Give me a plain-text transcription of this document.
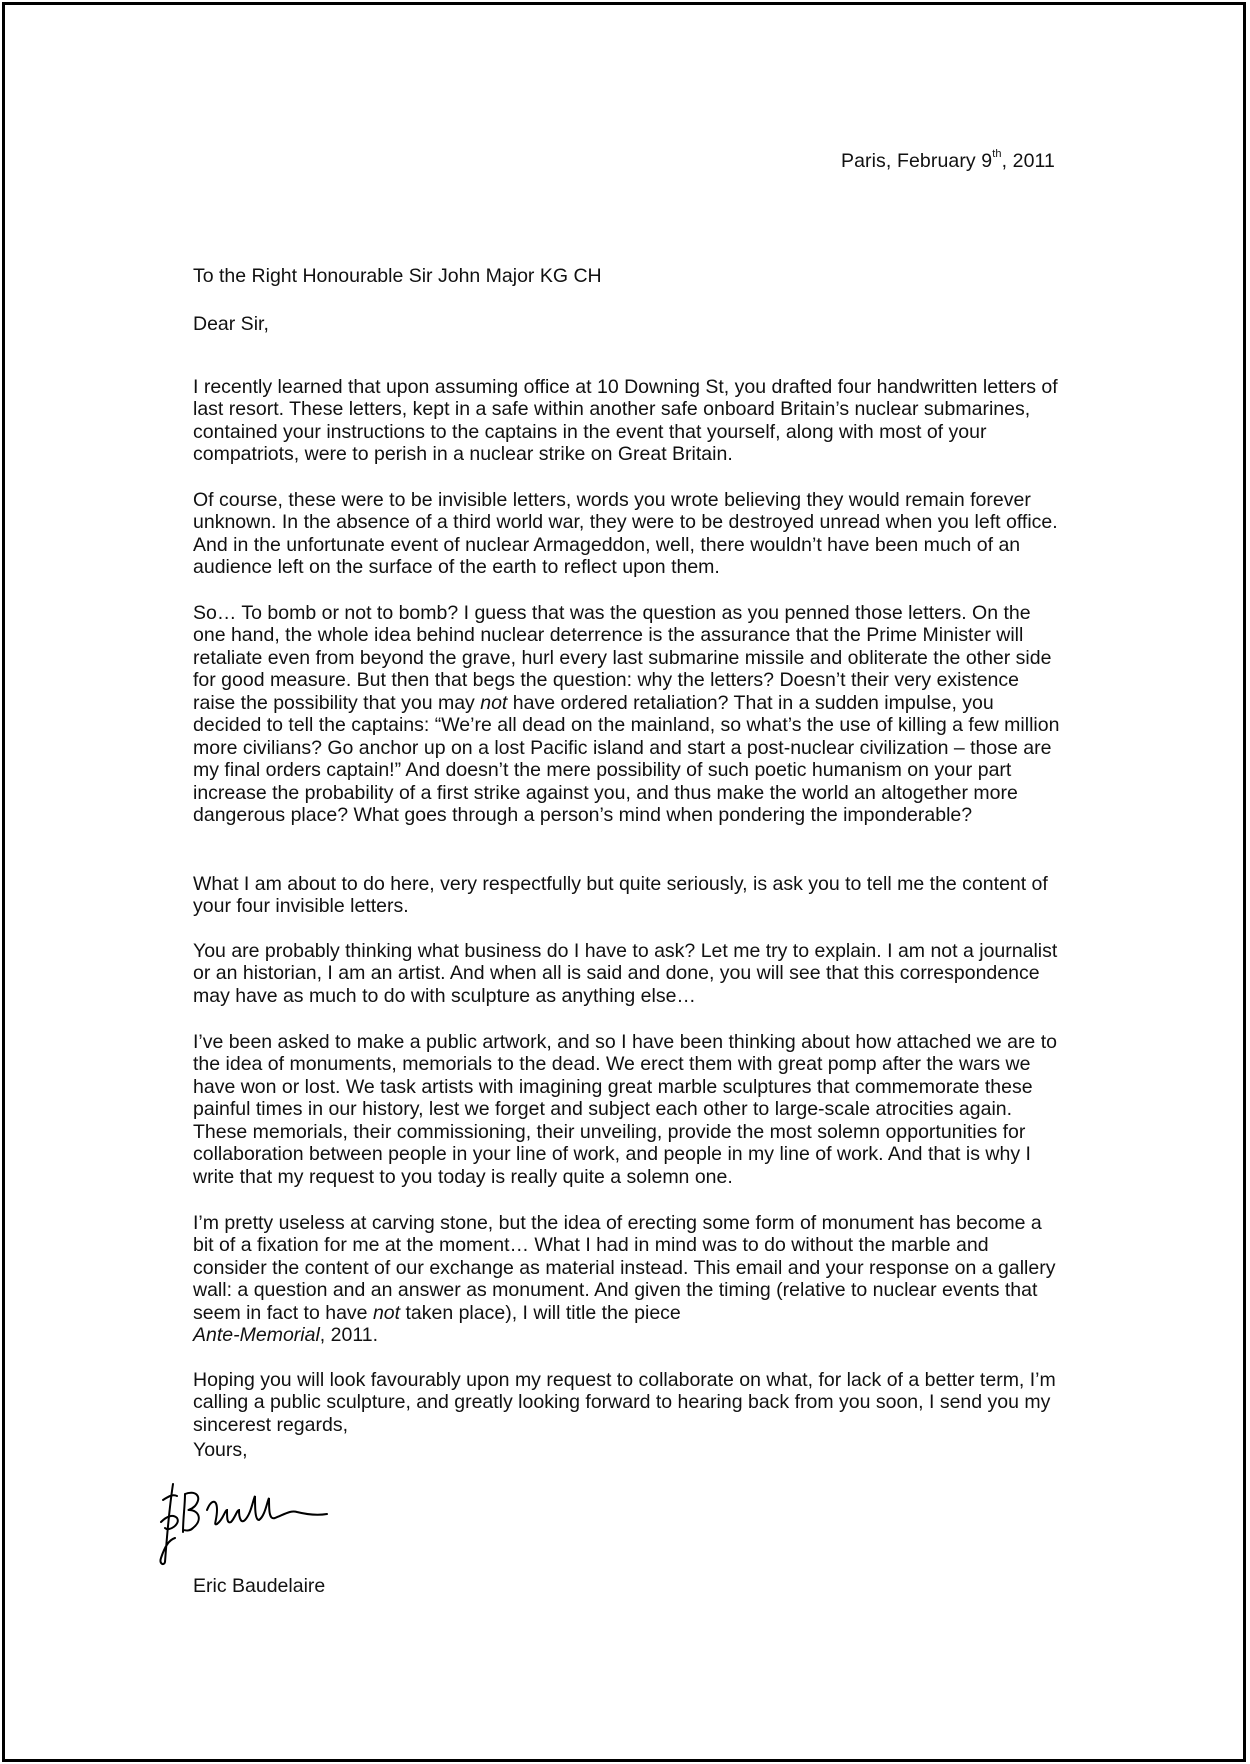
Paris, February 9th, 2011
To the Right Honourable Sir John Major KG CH
Dear Sir,

I recently learned that upon assuming office at 10 Downing St, you drafted four handwritten letters of last resort. These letters, kept in a safe within another safe onboard Britain’s nuclear submarines, contained your instructions to the captains in the event that yourself, along with most of your compatriots, were to perish in a nuclear strike on Great Britain.

Of course, these were to be invisible letters, words you wrote believing they would remain forever unknown. In the absence of a third world war, they were to be destroyed unread when you left office. And in the unfortunate event of nuclear Armageddon, well, there wouldn’t have been much of an audience left on the surface of the earth to reflect upon them.

So… To bomb or not to bomb? I guess that was the question as you penned those letters. On the one hand, the whole idea behind nuclear deterrence is the assurance that the Prime Minister will retaliate even from beyond the grave, hurl every last submarine missile and obliterate the other side for good measure. But then that begs the question: why the letters? Doesn’t their very existence raise the possibility that you may not have ordered retaliation? That in a sudden impulse, you decided to tell the captains: “We’re all dead on the mainland, so what’s the use of killing a few million more civilians? Go anchor up on a lost Pacific island and start a post-nuclear civilization – those are my final orders captain!” And doesn’t the mere possibility of such poetic humanism on your part increase the probability of a first strike against you, and thus make the world an altogether more dangerous place? What goes through a person’s mind when pondering the imponderable?

What I am about to do here, very respectfully but quite seriously, is ask you to tell me the content of your four invisible letters.

You are probably thinking what business do I have to ask? Let me try to explain. I am not a journalist or an historian, I am an artist. And when all is said and done, you will see that this correspondence may have as much to do with sculpture as anything else…

I’ve been asked to make a public artwork, and so I have been thinking about how attached we are to the idea of monuments, memorials to the dead. We erect them with great pomp after the wars we have won or lost. We task artists with imagining great marble sculptures that commemorate these painful times in our history, lest we forget and subject each other to large-scale atrocities again. These memorials, their commissioning, their unveiling, provide the most solemn opportunities for collaboration between people in your line of work, and people in my line of work. And that is why I write that my request to you today is really quite a solemn one.

I’m pretty useless at carving stone, but the idea of erecting some form of monument has become a bit of a fixation for me at the moment… What I had in mind was to do without the marble and consider the content of our exchange as material instead. This email and your response on a gallery wall: a question and an answer as monument. And given the timing (relative to nuclear events that seem in fact to have not taken place), I will title the piece
Ante-Memorial, 2011.

Hoping you will look favourably upon my request to collaborate on what, for lack of a better term, I’m calling a public sculpture, and greatly looking forward to hearing back from you soon, I send you my sincerest regards,

Yours,
Eric Baudelaire
